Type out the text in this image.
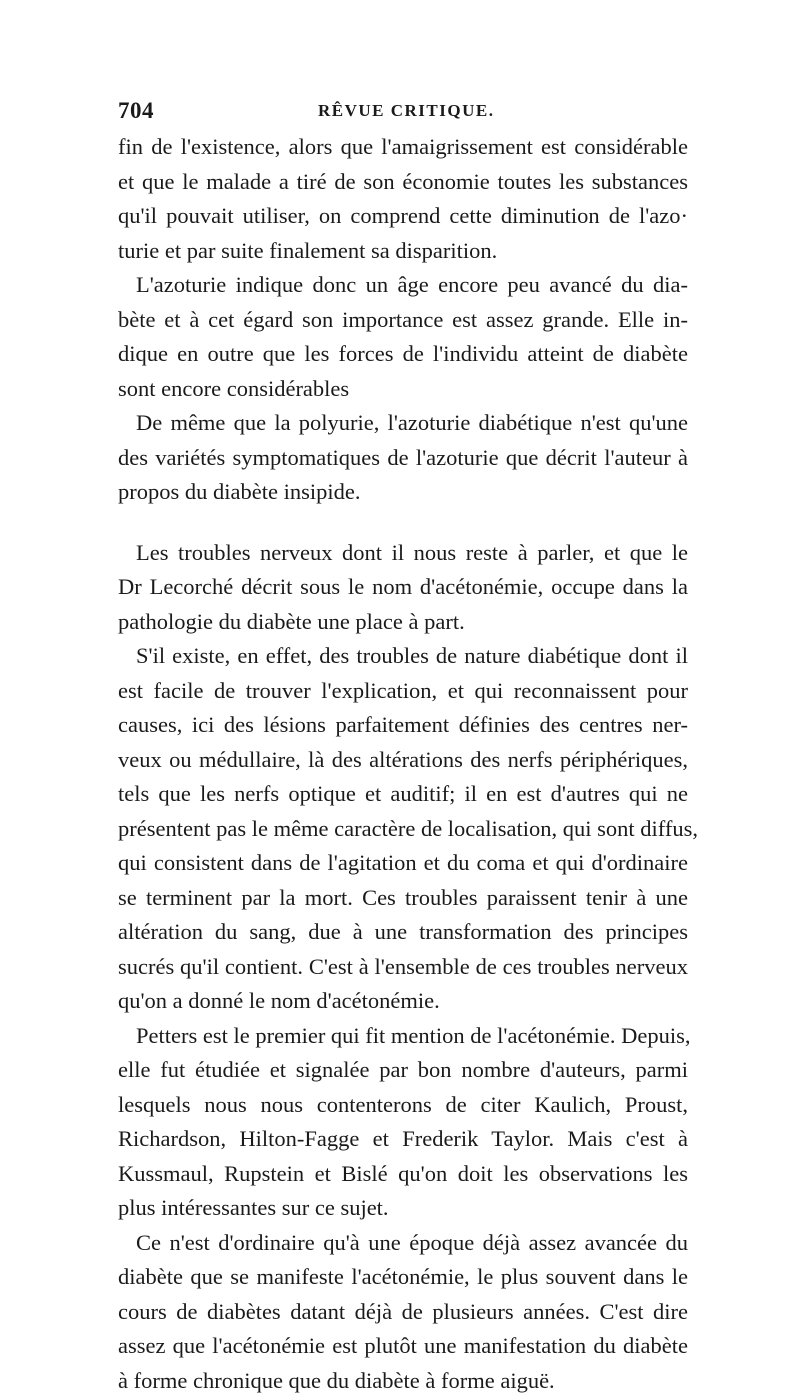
704	RÊVUE CRITIQUE.
fin de l'existence, alors que l'amaigrissement est considérable
et que le malade a tiré de son économie toutes les substances
qu'il pouvait utiliser, on comprend cette diminution de l'azo·
turie et par suite finalement sa disparition.
L'azoturie indique donc un âge encore peu avancé du dia-
bète et à cet égard son importance est assez grande. Elle in-
dique en outre que les forces de l'individu atteint de diabète
sont encore considérables
De même que la polyurie, l'azoturie diabétique n'est qu'une
des variétés symptomatiques de l'azoturie que décrit l'auteur à
propos du diabète insipide.
Les troubles nerveux dont il nous reste à parler, et que le
Dr Lecorché décrit sous le nom d'acétonémie, occupe dans la
pathologie du diabète une place à part.
S'il existe, en effet, des troubles de nature diabétique dont il
est facile de trouver l'explication, et qui reconnaissent pour
causes, ici des lésions parfaitement définies des centres ner-
veux ou médullaire, là des altérations des nerfs périphériques,
tels que les nerfs optique et auditif; il en est d'autres qui ne
présentent pas le même caractère de localisation, qui sont diffus,
qui consistent dans de l'agitation et du coma et qui d'ordinaire
se terminent par la mort. Ces troubles paraissent tenir à une
altération du sang, due à une transformation des principes
sucrés qu'il contient. C'est à l'ensemble de ces troubles nerveux
qu'on a donné le nom d'acétonémie.
Petters est le premier qui fit mention de l'acétonémie. Depuis,
elle fut étudiée et signalée par bon nombre d'auteurs, parmi
lesquels nous nous contenterons de citer Kaulich, Proust,
Richardson, Hilton-Fagge et Frederik Taylor. Mais c'est à
Kussmaul, Rupstein et Bislé qu'on doit les observations les
plus intéressantes sur ce sujet.
Ce n'est d'ordinaire qu'à une époque déjà assez avancée du
diabète que se manifeste l'acétonémie, le plus souvent dans le
cours de diabètes datant déjà de plusieurs années. C'est dire
assez que l'acétonémie est plutôt une manifestation du diabète
à forme chronique que du diabète à forme aiguë.
